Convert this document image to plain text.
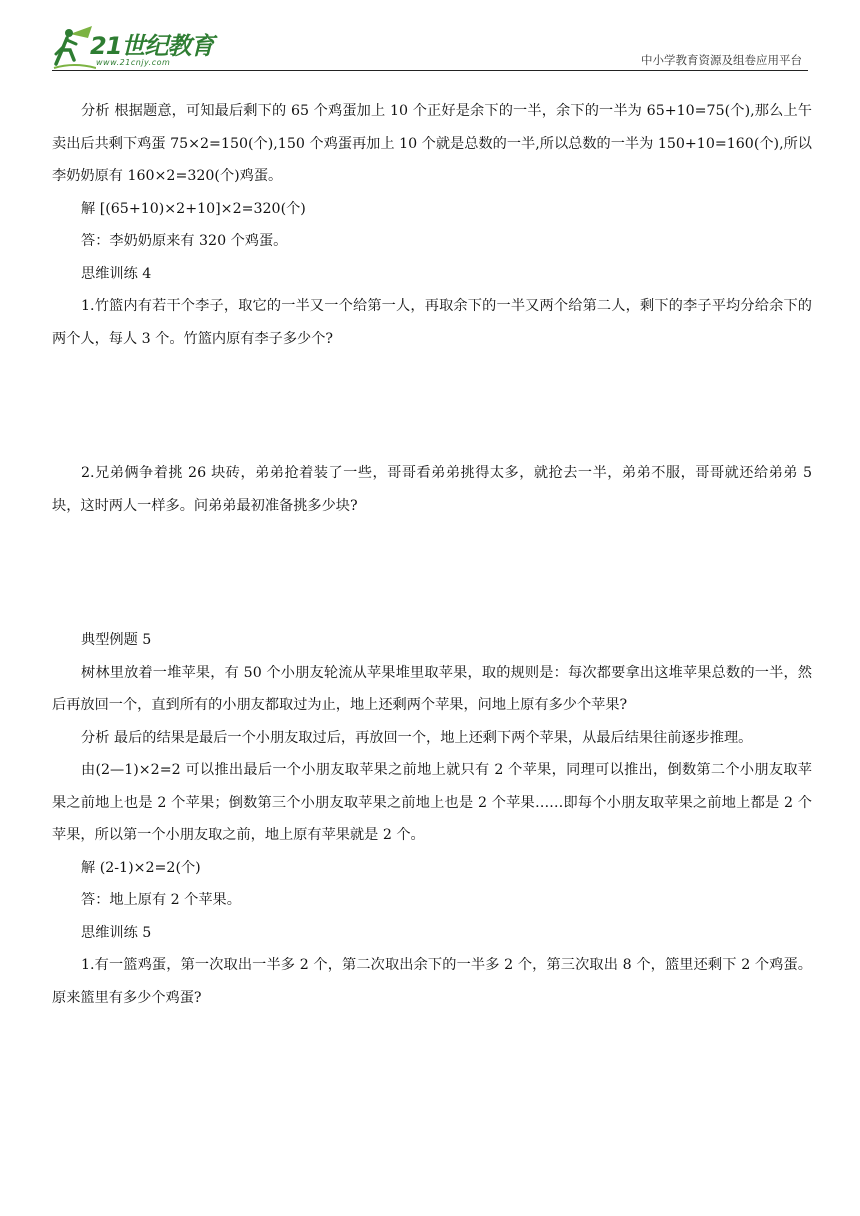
21世纪教育
www.21cnjy.com	中小学教育资源及组卷应用平台

分析 根据题意，可知最后剩下的 65 个鸡蛋加上 10 个正好是余下的一半，余下的一半为 65+10=75(个),那么上午卖出后共剩下鸡蛋 75×2=150(个),150 个鸡蛋再加上 10 个就是总数的一半,所以总数的一半为 150+10=160(个),所以李奶奶原有 160×2=320(个)鸡蛋。

解 [(65+10)×2+10]×2=320(个)

答：李奶奶原来有 320 个鸡蛋。

思维训练 4

1.竹篮内有若干个李子，取它的一半又一个给第一人，再取余下的一半又两个给第二人，剩下的李子平均分给余下的两个人，每人 3 个。竹篮内原有李子多少个?

2.兄弟俩争着挑 26 块砖，弟弟抢着装了一些，哥哥看弟弟挑得太多，就抢去一半，弟弟不服，哥哥就还给弟弟 5 块，这时两人一样多。问弟弟最初准备挑多少块?

典型例题 5

树林里放着一堆苹果，有 50 个小朋友轮流从苹果堆里取苹果，取的规则是：每次都要拿出这堆苹果总数的一半，然后再放回一个，直到所有的小朋友都取过为止，地上还剩两个苹果，问地上原有多少个苹果?

分析 最后的结果是最后一个小朋友取过后，再放回一个，地上还剩下两个苹果，从最后结果往前逐步推理。

由(2—1)×2=2 可以推出最后一个小朋友取苹果之前地上就只有 2 个苹果，同理可以推出，倒数第二个小朋友取苹果之前地上也是 2 个苹果；倒数第三个小朋友取苹果之前地上也是 2 个苹果……即每个小朋友取苹果之前地上都是 2 个苹果，所以第一个小朋友取之前，地上原有苹果就是 2 个。

解 (2-1)×2=2(个)

答：地上原有 2 个苹果。

思维训练 5

1.有一篮鸡蛋，第一次取出一半多 2 个，第二次取出余下的一半多 2 个，第三次取出 8 个，篮里还剩下 2 个鸡蛋。原来篮里有多少个鸡蛋?
